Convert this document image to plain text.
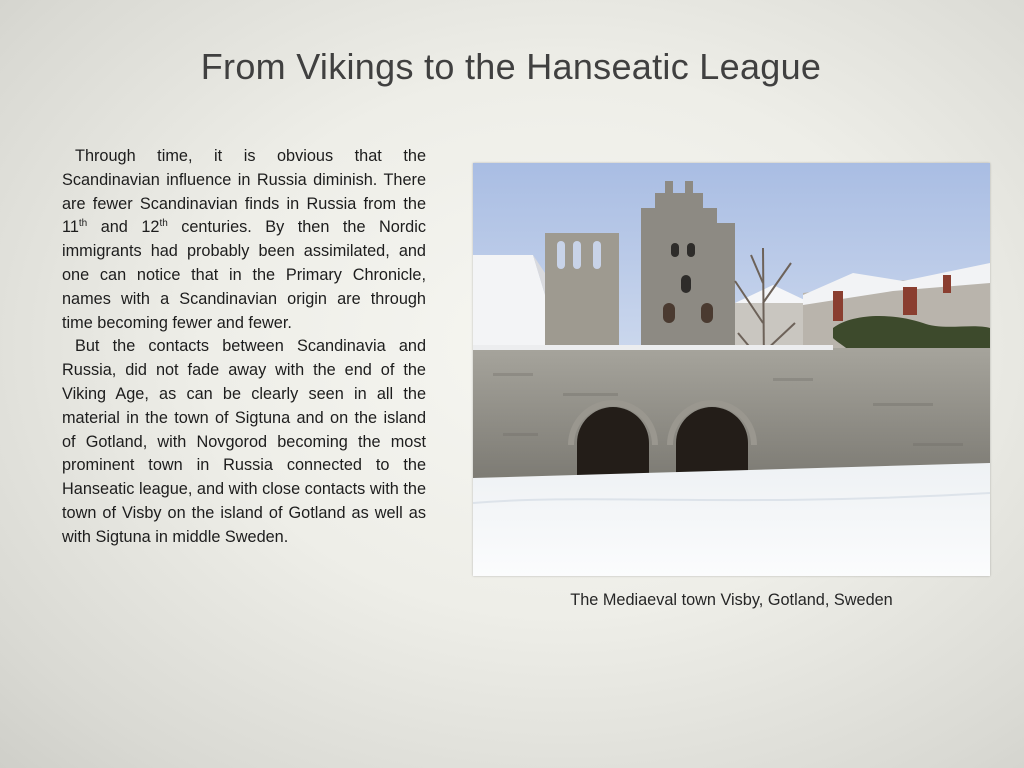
From Vikings to the Hanseatic League

Through time, it is obvious that the Scandinavian influence in Russia diminish. There are fewer Scandinavian finds in Russia from the 11th and 12th centuries. By then the Nordic immigrants had probably been assimilated, and one can notice that in the Primary Chronicle, names with a Scandinavian origin are through time becoming fewer and fewer.

But the contacts between Scandinavia and Russia, did not fade away with the end of the Viking Age, as can be clearly seen in all the material in the town of Sigtuna and on the island of Gotland, with Novgorod becoming the most prominent town in Russia connected to the Hanseatic league, and with close contacts with the town of Visby on the island of Gotland as well as with Sigtuna in middle Sweden.

The Mediaeval town Visby, Gotland, Sweden
